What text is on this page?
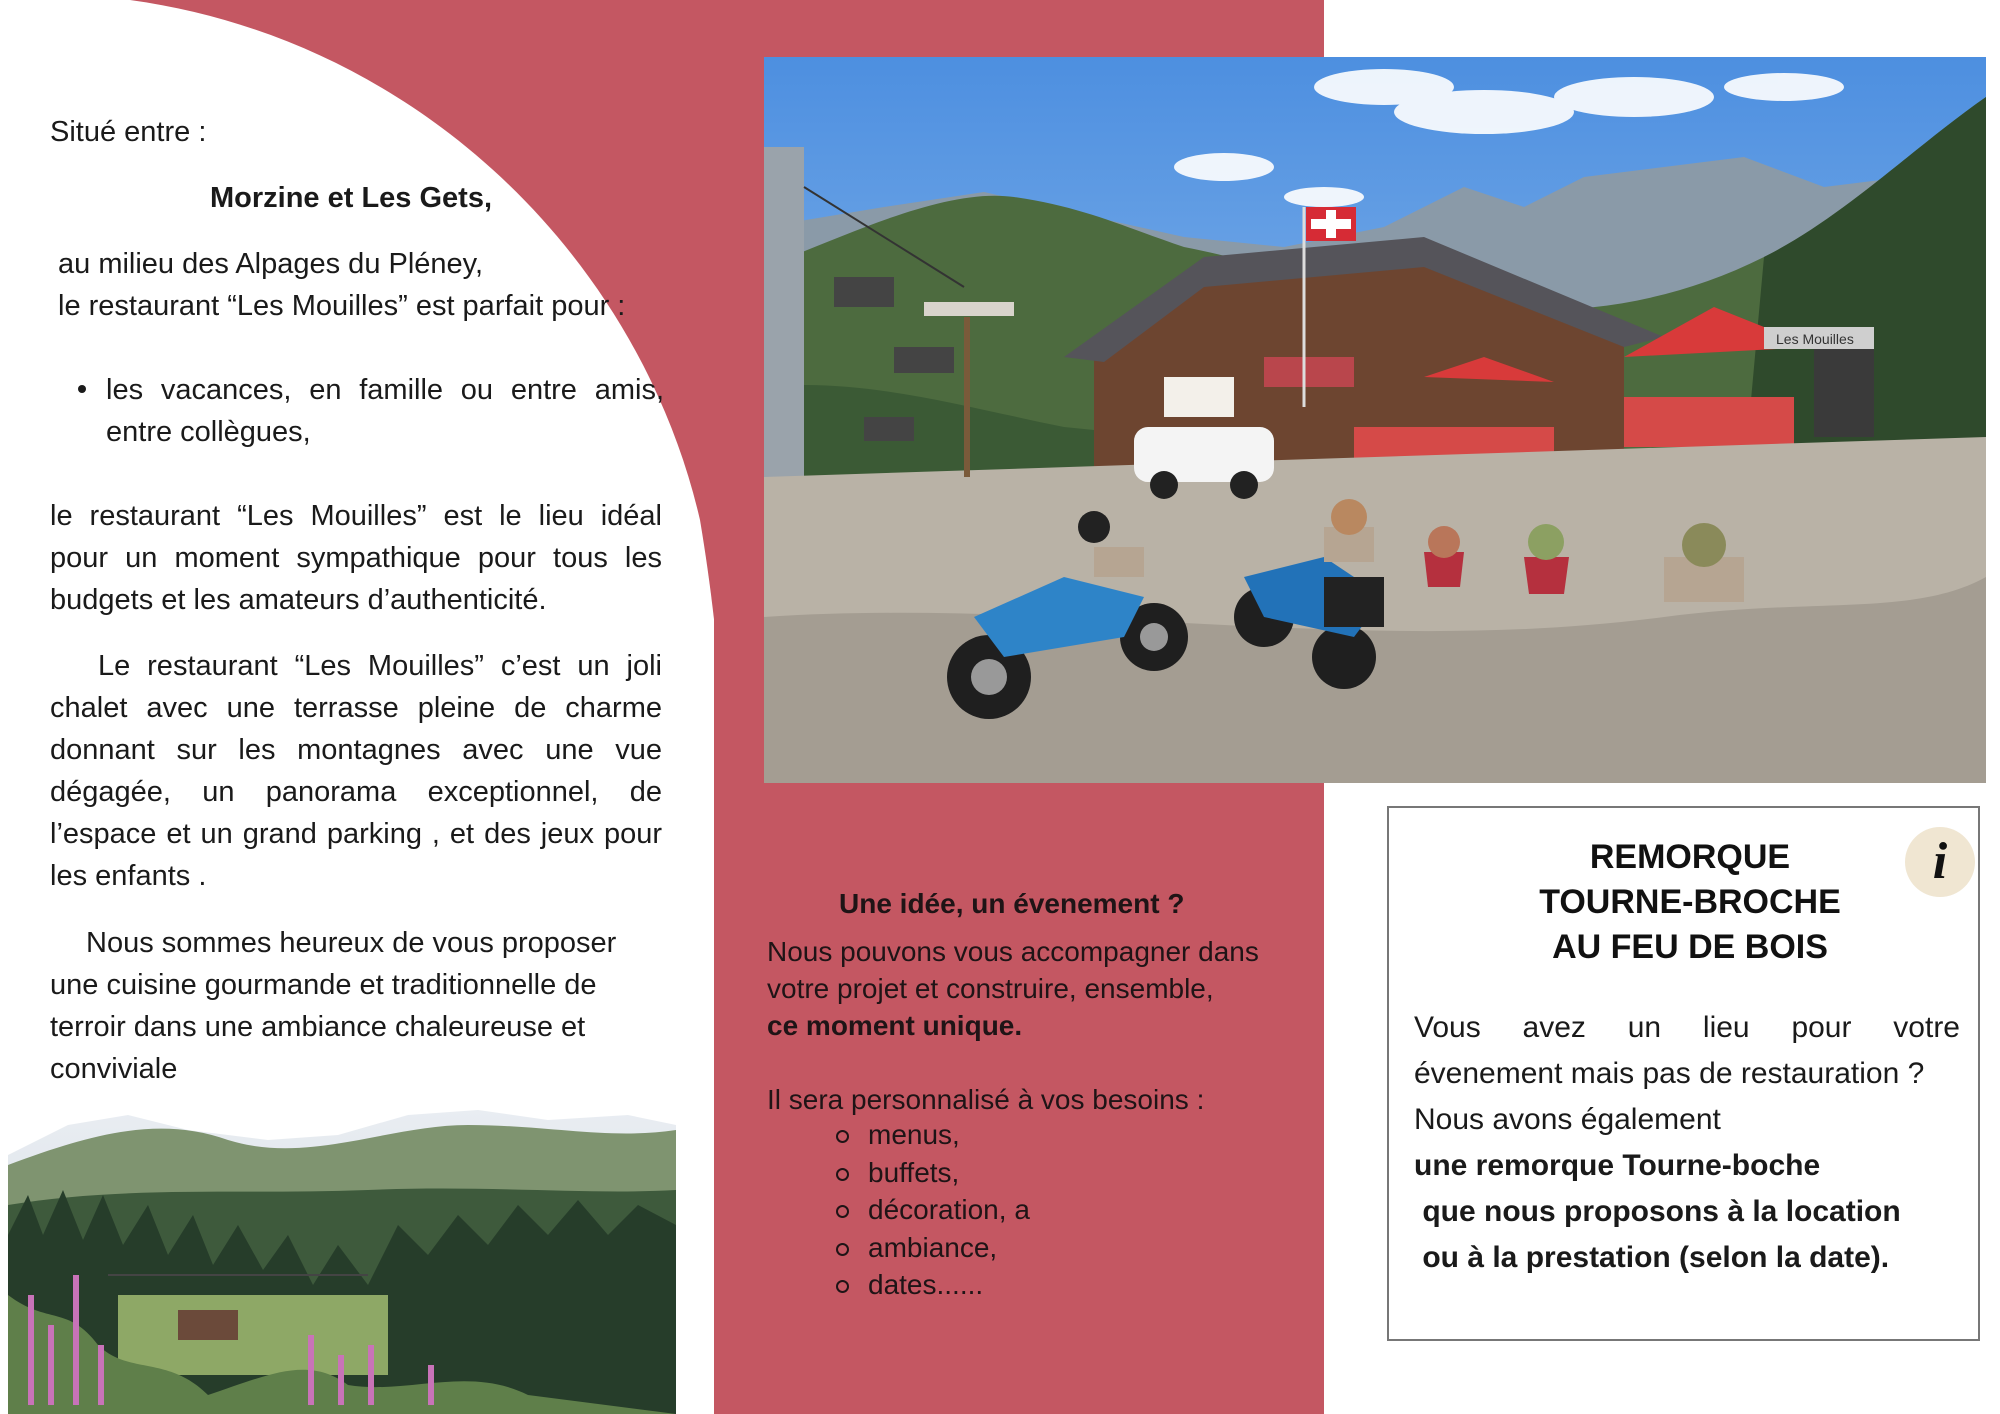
Situé entre :
Morzine et Les Gets,
au milieu des Alpages du Pléney,
le restaurant “Les Mouilles” est parfait pour :
les vacances, en famille ou entre amis,
entre collègues,
le restaurant “Les Mouilles” est le lieu idéal pour un moment sympathique pour tous les budgets et les amateurs d’authenticité.
Le restaurant “Les Mouilles” c’est un joli chalet avec une terrasse pleine de charme donnant sur les montagnes avec une vue dégagée, un panorama exceptionnel, de l’espace et un grand parking , et des jeux pour les enfants .
Nous sommes heureux de vous proposer
une cuisine gourmande et traditionnelle de
terroir dans une ambiance chaleureuse et
conviviale
Les Mouilles
Une idée, un évenement ?
Nous pouvons vous accompagner dans
votre projet et construire, ensemble,
ce moment unique.
Il sera personnalisé à vos besoins :
menus,
buffets,
décoration, a
ambiance,
dates......
i
REMORQUE
TOURNE-BROCHE
AU FEU DE BOIS
Vous avez un lieu pour votre
évenement mais pas de restauration ?
Nous avons également
une remorque Tourne-boche
que nous proposons à la location
ou à la prestation (selon la date).
